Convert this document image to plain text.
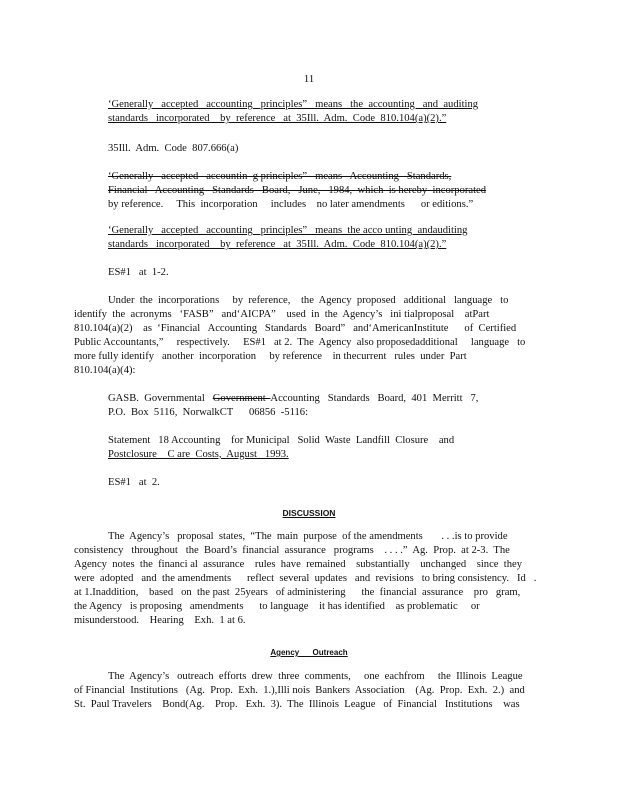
11
‘Generally   accepted   accounting   principles”   means   the  accounting   and  auditing
standards   incorporated    by  reference   at  35Ill.  Adm.  Code  810.104(a)(2).”
35Ill.  Adm.  Code  807.666(a)
‘Generally   accepted   accountin  g principles”   means   Accounting   Standards,
Financial   Accounting   Standards   Board,   June,   1984,  which  is hereby  incorporated
by reference.     This  incorporation     includes    no later amendments      or editions.”
‘Generally   accepted   accounting   principles”   means  the acco unting  andauditing
standards   incorporated    by  reference   at  35Ill.  Adm.  Code  810.104(a)(2).”
ES#1   at  1-2.
Under  the  incorporations     by  reference,    the  Agency  proposed   additional   language   to
identify  the  acronyms   ‘FASB”   and‘AICPA”    used  in  the  Agency’s   ini tialproposal    atPart
810.104(a)(2)    as  ‘Financial   Accounting   Standards   Board”   and‘AmericanInstitute      of  Certified
Public Accountants,”     respectively.     ES#1   at 2.  The  Agency  also proposedadditional     language   to
more fully identify   another  incorporation     by reference    in thecurrent   rules  under  Part
810.104(a)(4):
GASB.  Governmental   Government  Accounting   Standards   Board,  401  Merritt   7,
P.O.  Box  5116,  NorwalkCT      06856  -5116:
Statement   18 Accounting    for Municipal   Solid  Waste  Landfill  Closure    and
Postclosure    C are  Costs,  August   1993.
ES#1   at  2.
DISCUSSION
The  Agency’s   proposal  states,  “The  main  purpose  of the amendments       . . .is to provide
consistency   throughout   the  Board’s  financial  assurance   programs    . . . .”  Ag.  Prop.  at 2-3.  The
Agency  notes  the  financi al  assurance    rules  have  remained    substantially    unchanged    since  they
were  adopted   and  the amendments      reflect  several  updates   and  revisions   to bring consistency.   Id   .
at 1.Inaddition,    based   on  the past  25years   of administering      the  financial  assurance    pro   gram,
the Agency   is proposing   amendments      to language    it has identified    as problematic     or
misunderstood.    Hearing    Exh.  1 at 6.
Agency      Outreach
The  Agency’s   outreach  efforts  drew  three  comments,     one  eachfrom     the  Illinois  League
of Financial  Institutions   (Ag.  Prop.  Exh.  1.),Illi nois  Bankers  Association    (Ag.  Prop.  Exh.  2.)  and
St.  Paul Travelers    Bond(Ag.    Prop.   Exh.  3).  The  Illinois  League   of  Financial   Institutions    was
